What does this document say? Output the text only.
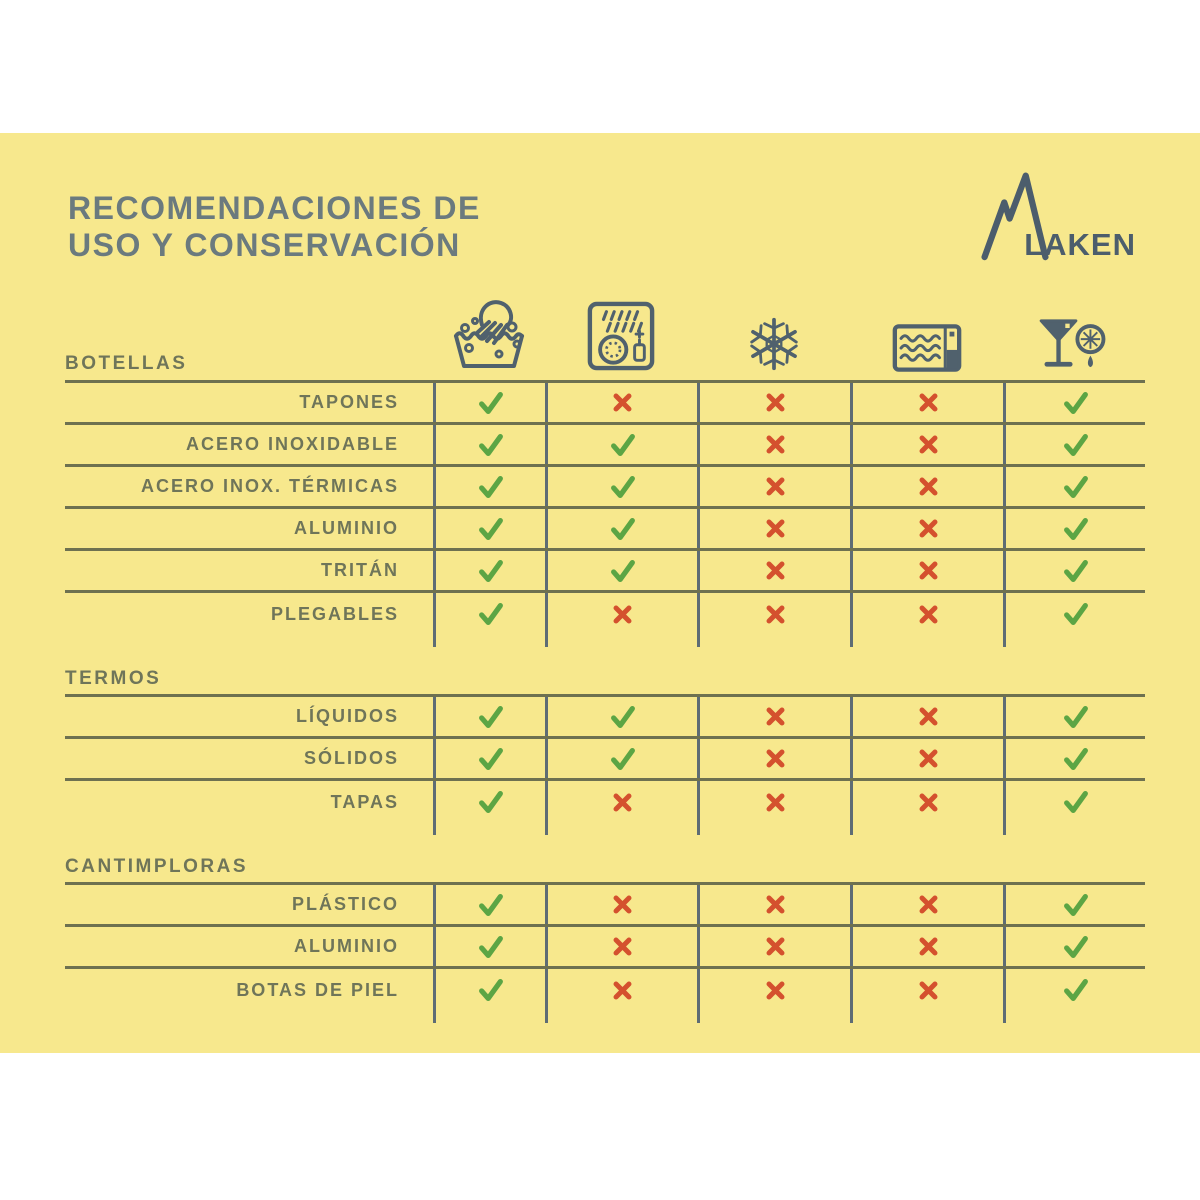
RECOMENDACIONES DE
USO Y CONSERVACIÓN	LAKEN
BOTELLAS
TAPONES
ACERO INOXIDABLE
ACERO INOX. TÉRMICAS
ALUMINIO
TRITÁN
PLEGABLES
TERMOS
LÍQUIDOS
SÓLIDOS
TAPAS
CANTIMPLORAS
PLÁSTICO
ALUMINIO
BOTAS DE PIEL
